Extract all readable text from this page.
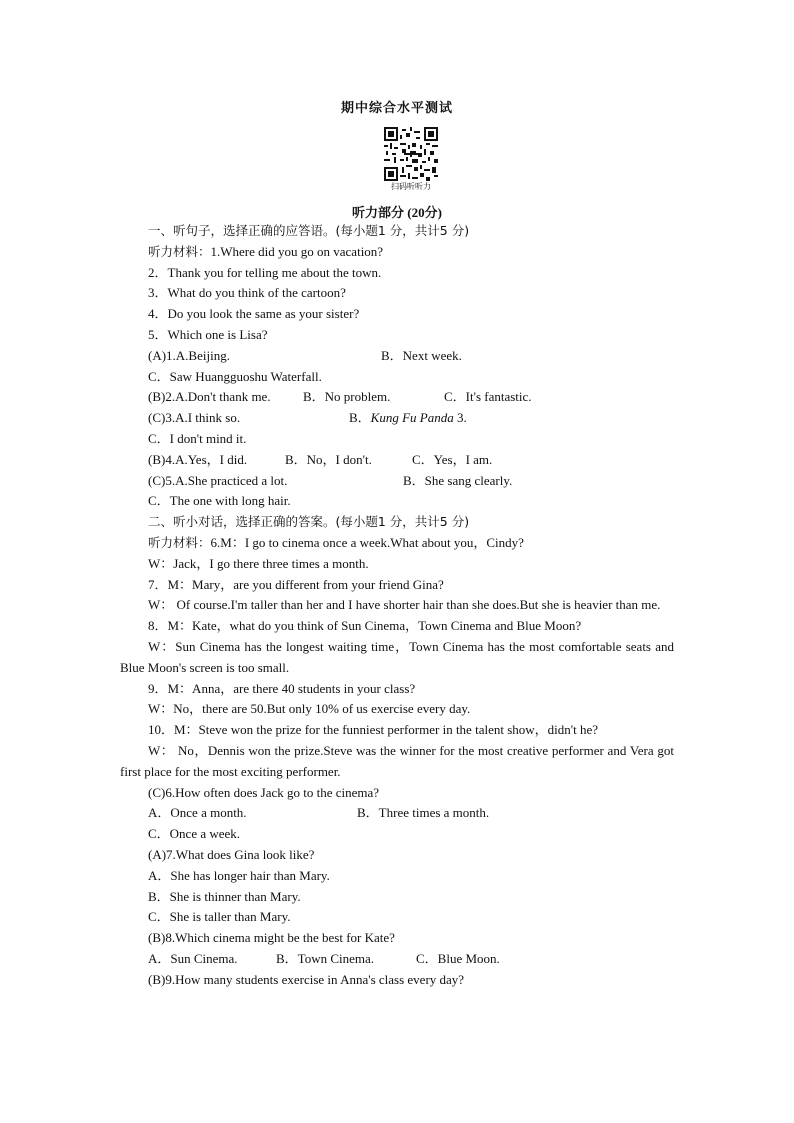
期中综合水平测试
扫码听听力
听力部分 (20分)
一、听句子，选择正确的应答语。(每小题1 分，共计5 分)
听力材料：1.Where did you go on vacation?
2．Thank you for telling me about the town.
3．What do you think of the cartoon?
4．Do you look the same as your sister?
5．Which one is Lisa?
(A)1.A.Beijing.	B．Next week.
C．Saw Huangguoshu Waterfall.
(B)2.A.Don't thank me. B．No problem.	C．It's fantastic.
(C)3.A.I think so.	B．Kung Fu Panda 3.
C．I don't mind it.
(B)4.A.Yes，I did.	B．No，I don't.	C．Yes，I am.
(C)5.A.She practiced a lot.	B．She sang clearly.
C．The one with long hair.
二、听小对话，选择正确的答案。(每小题1 分，共计5 分)
听力材料：6.M：I go to cinema once a week.What about you，Cindy?
W：Jack，I go there three times a month.
7．M：Mary，are you different from your friend Gina?
W： Of course.I'm taller than her and I have shorter hair than she does.But she is heavier than me.
8．M：Kate，what do you think of Sun Cinema，Town Cinema and Blue Moon?
W：Sun Cinema has the longest waiting time，Town Cinema has the most comfortable seats and Blue Moon's screen is too small.
9．M：Anna，are there 40 students in your class?
W：No，there are 50.But only 10% of us exercise every day.
10．M：Steve won the prize for the funniest performer in the talent show，didn't he?
W： No，Dennis won the prize.Steve was the winner for the most creative performer and Vera got first place for the most exciting performer.
(C)6.How often does Jack go to the cinema?
A．Once a month.	B．Three times a month.
C．Once a week.
(A)7.What does Gina look like?
A．She has longer hair than Mary.
B．She is thinner than Mary.
C．She is taller than Mary.
(B)8.Which cinema might be the best for Kate?
A．Sun Cinema.	B．Town Cinema.	C．Blue Moon.
(B)9.How many students exercise in Anna's class every day?
